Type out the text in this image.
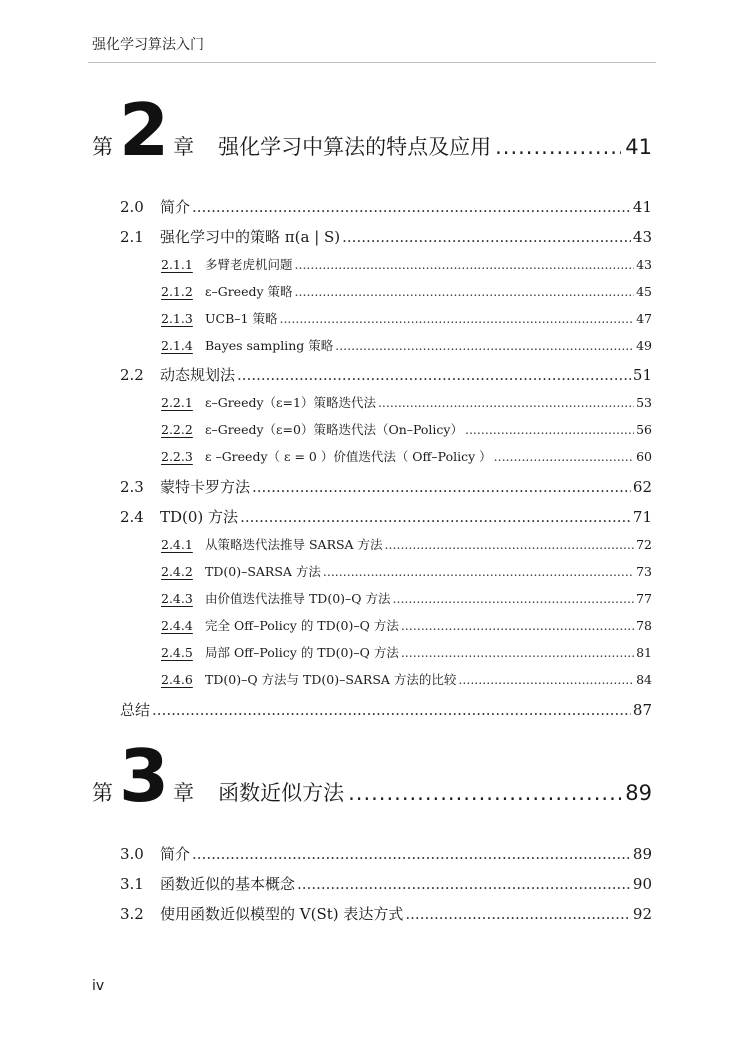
强化学习算法入门
第 2 章 强化学习中算法的特点及应用 .....	41
2.0	简介 .....	41
2.1	强化学习中的策略 π(a | S) .....	43
2.1.1 多臂老虎机问题 .....	43
2.1.2 ε–Greedy 策略 .....	45
2.1.3 UCB–1 策略 .....	47
2.1.4 Bayes sampling 策略 .....	49
2.2	动态规划法 .....	51
2.2.1 ε–Greedy（ε=1）策略迭代法 .....	53
2.2.2 ε–Greedy（ε=0）策略迭代法（On–Policy） .....	56
2.2.3 ε –Greedy（ ε = 0 ）价值迭代法（ Off–Policy ） .....	60
2.3	蒙特卡罗方法 .....	62
2.4	TD(0) 方法 .....	71
2.4.1 从策略迭代法推导 SARSA 方法 .....	72
2.4.2 TD(0)–SARSA 方法 .....	73
2.4.3 由价值迭代法推导 TD(0)–Q 方法 .....	77
2.4.4 完全 Off–Policy 的 TD(0)–Q 方法 .....	78
2.4.5 局部 Off–Policy 的 TD(0)–Q 方法 .....	81
2.4.6 TD(0)–Q 方法与 TD(0)–SARSA 方法的比较 .....	84
总结 .....	87
第 3 章 函数近似方法 .....	89
3.0	简介 .....	89
3.1	函数近似的基本概念 .....	90
3.2	使用函数近似模型的 V(St) 表达方式 .....	92
iv
